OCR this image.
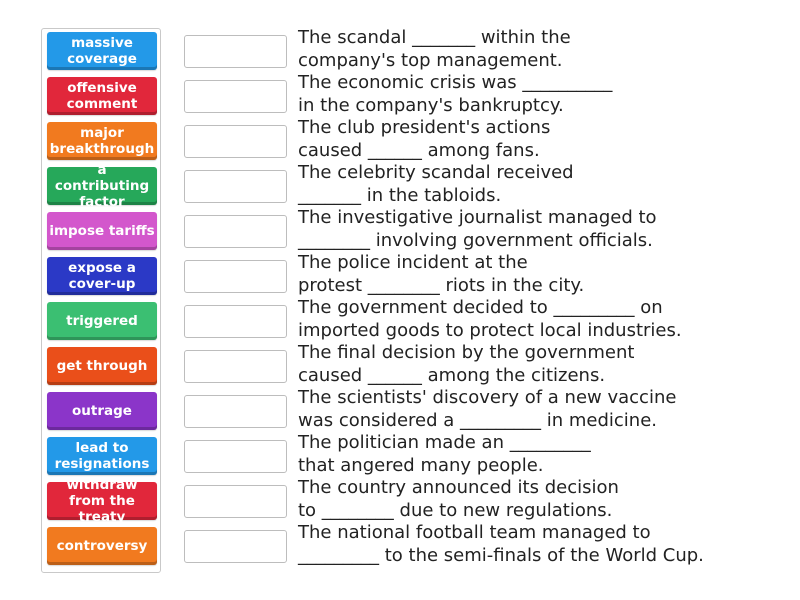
massive coverage
offensive comment
major breakthrough
a contributing factor
impose tariffs
expose a cover-up
triggered
get through
outrage
lead to resignations
withdraw from the treaty
controversy
The scandal _______ within the
company's top management.
The economic crisis was __________
in the company's bankruptcy.
The club president's actions
caused ______ among fans.
The celebrity scandal received
_______ in the tabloids.
The investigative journalist managed to
________ involving government officials.
The police incident at the
protest ________ riots in the city.
The government decided to _________ on
imported goods to protect local industries.
The final decision by the government
caused ______ among the citizens.
The scientists' discovery of a new vaccine
was considered a _________ in medicine.
The politician made an _________
that angered many people.
The country announced its decision
to ________ due to new regulations.
The national football team managed to
_________ to the semi-finals of the World Cup.
